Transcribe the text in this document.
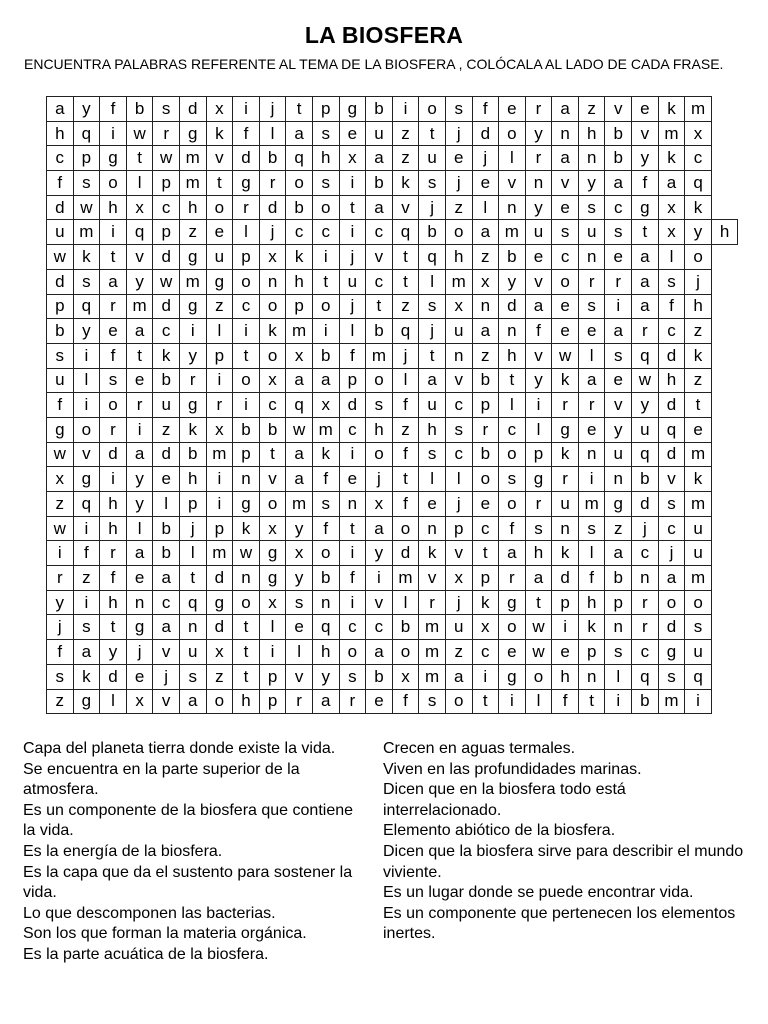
LA BIOSFERA
ENCUENTRA PALABRAS REFERENTE AL TEMA DE LA BIOSFERA , COLÓCALA AL LADO DE CADA FRASE.
a	y	f	b	s	d	x	i	j	t	p	g	b	i	o	s	f	e	r	a	z	v	e	k	m	
h	q	i	w	r	g	k	f	l	a	s	e	u	z	t	j	d	o	y	n	h	b	v	m	x	
c	p	g	t	w	m	v	d	b	q	h	x	a	z	u	e	j	l	r	a	n	b	y	k	c	
f	s	o	l	p	m	t	g	r	o	s	i	b	k	s	j	e	v	n	v	y	a	f	a	q	
d	w	h	x	c	h	o	r	d	b	o	t	a	v	j	z	l	n	y	e	s	c	g	x	k	
u	m	i	q	p	z	e	l	j	c	c	i	c	q	b	o	a	m	u	s	u	s	t	x	y	h
w	k	t	v	d	g	u	p	x	k	i	j	v	t	q	h	z	b	e	c	n	e	a	l	o	
d	s	a	y	w	m	g	o	n	h	t	u	c	t	l	m	x	y	v	o	r	r	a	s	j	
p	q	r	m	d	g	z	c	o	p	o	j	t	z	s	x	n	d	a	e	s	i	a	f	h	
b	y	e	a	c	i	l	i	k	m	i	l	b	q	j	u	a	n	f	e	e	a	r	c	z	
s	i	f	t	k	y	p	t	o	x	b	f	m	j	t	n	z	h	v	w	l	s	q	d	k	
u	l	s	e	b	r	i	o	x	a	a	p	o	l	a	v	b	t	y	k	a	e	w	h	z	
f	i	o	r	u	g	r	i	c	q	x	d	s	f	u	c	p	l	i	r	r	v	y	d	t	
g	o	r	i	z	k	x	b	b	w	m	c	h	z	h	s	r	c	l	g	e	y	u	q	e	
w	v	d	a	d	b	m	p	t	a	k	i	o	f	s	c	b	o	p	k	n	u	q	d	m	
x	g	i	y	e	h	i	n	v	a	f	e	j	t	l	l	o	s	g	r	i	n	b	v	k	
z	q	h	y	l	p	i	g	o	m	s	n	x	f	e	j	e	o	r	u	m	g	d	s	m	
w	i	h	l	b	j	p	k	x	y	f	t	a	o	n	p	c	f	s	n	s	z	j	c	u	
i	f	r	a	b	l	m	w	g	x	o	i	y	d	k	v	t	a	h	k	l	a	c	j	u	
r	z	f	e	a	t	d	n	g	y	b	f	i	m	v	x	p	r	a	d	f	b	n	a	m	
y	i	h	n	c	q	g	o	x	s	n	i	v	l	r	j	k	g	t	p	h	p	r	o	o	
j	s	t	g	a	n	d	t	l	e	q	c	c	b	m	u	x	o	w	i	k	n	r	d	s	
f	a	y	j	v	u	x	t	i	l	h	o	a	o	m	z	c	e	w	e	p	s	c	g	u	
s	k	d	e	j	s	z	t	p	v	y	s	b	x	m	a	i	g	o	h	n	l	q	s	q	
z	g	l	x	v	a	o	h	p	r	a	r	e	f	s	o	t	i	l	f	t	i	b	m	i	

Capa del planeta tierra donde existe la vida.

Se encuentra en la parte superior de la atmosfera.

Es un componente de la biosfera que contiene la vida.

Es la energía de la biosfera.

Es la capa que da el sustento para sostener la vida.

Lo que descomponen las bacterias.

Son los que forman la materia orgánica.

Es la parte acuática de la biosfera.

Crecen en aguas termales.

Viven en las profundidades marinas.

Dicen que en la biosfera todo está interrelacionado.

Elemento abiótico de la biosfera.

Dicen que la biosfera sirve para describir el mundo viviente.

Es un lugar donde se puede encontrar vida.

Es un componente que pertenecen los elementos inertes.
